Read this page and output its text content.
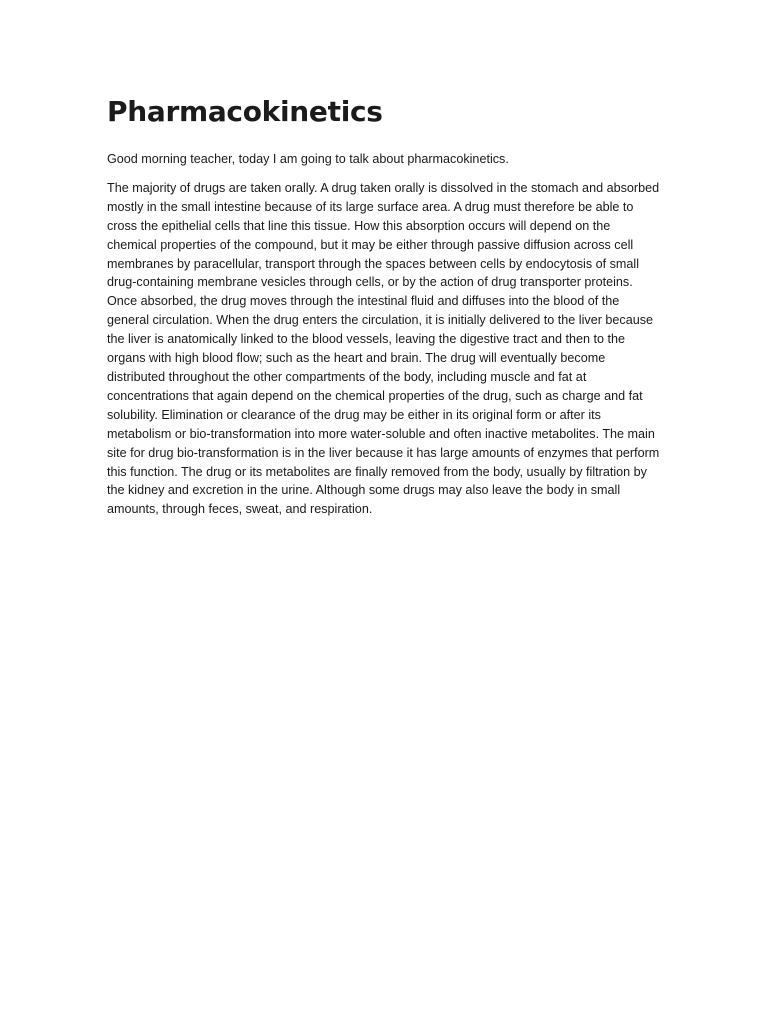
Pharmacokinetics

Good morning teacher, today I am going to talk about pharmacokinetics.

The majority of drugs are taken orally. A drug taken orally is dissolved in the stomach and absorbed mostly in the small intestine because of its large surface area. A drug must therefore be able to cross the epithelial cells that line this tissue. How this absorption occurs will depend on the chemical properties of the compound, but it may be either through passive diffusion across cell membranes by paracellular, transport through the spaces between cells by endocytosis of small drug-containing membrane vesicles through cells, or by the action of drug transporter proteins. Once absorbed, the drug moves through the intestinal fluid and diffuses into the blood of the general circulation. When the drug enters the circulation, it is initially delivered to the liver because the liver is anatomically linked to the blood vessels, leaving the digestive tract and then to the organs with high blood flow; such as the heart and brain. The drug will eventually become distributed throughout the other compartments of the body, including muscle and fat at concentrations that again depend on the chemical properties of the drug, such as charge and fat solubility. Elimination or clearance of the drug may be either in its original form or after its metabolism or bio-transformation into more water-soluble and often inactive metabolites. The main site for drug bio-transformation is in the liver because it has large amounts of enzymes that perform this function. The drug or its metabolites are finally removed from the body, usually by filtration by the kidney and excretion in the urine. Although some drugs may also leave the body in small amounts, through feces, sweat, and respiration.
